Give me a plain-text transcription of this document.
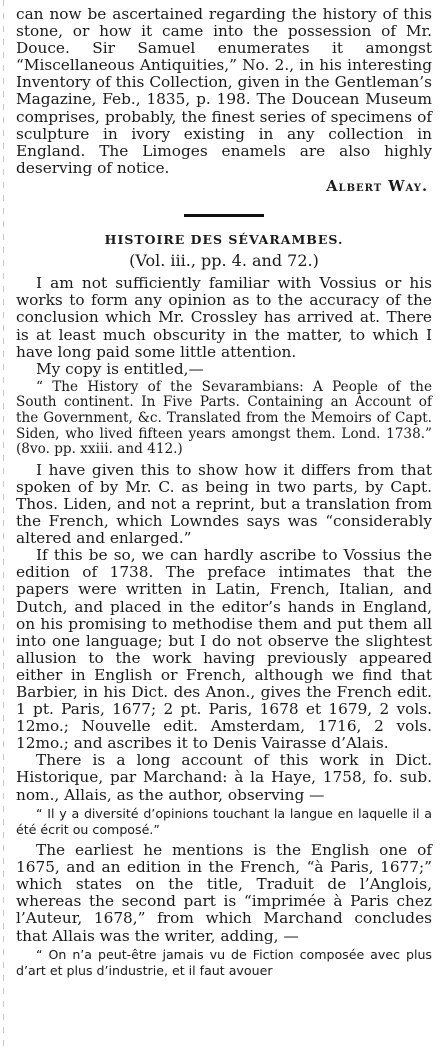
can now be ascertained regarding the history of this stone, or how it came into the possession of Mr. Douce. Sir Samuel enumerates it amongst “Miscellaneous Antiquities,” No. 2., in his interesting Inventory of this Collection, given in the Gentleman’s Magazine, Feb., 1835, p. 198. The Doucean Museum comprises, probably, the finest series of specimens of sculpture in ivory existing in any collection in England. The Limoges enamels are also highly deserving of notice.

Albert Way.

HISTOIRE DES SÉVARAMBES.

(Vol. iii., pp. 4. and 72.)

I am not sufficiently familiar with Vossius or his works to form any opinion as to the accuracy of the conclusion which Mr. Crossley has arrived at. There is at least much obscurity in the matter, to which I have long paid some little attention.

My copy is entitled,—

“ The History of the Sevarambians: A People of the South continent. In Five Parts. Containing an Account of the Government, &c. Translated from the Memoirs of Capt. Siden, who lived fifteen years amongst them. Lond. 1738.” (8vo. pp. xxiii. and 412.)

I have given this to show how it differs from that spoken of by Mr. C. as being in two parts, by Capt. Thos. Liden, and not a reprint, but a translation from the French, which Lowndes says was “considerably altered and enlarged.”

If this be so, we can hardly ascribe to Vossius the edition of 1738. The preface intimates that the papers were written in Latin, French, Italian, and Dutch, and placed in the editor’s hands in England, on his promising to methodise them and put them all into one language; but I do not observe the slightest allusion to the work having previously appeared either in English or French, although we find that Barbier, in his Dict. des Anon., gives the French edit. 1 pt. Paris, 1677; 2 pt. Paris, 1678 et 1679, 2 vols. 12mo.; Nouvelle edit. Amsterdam, 1716, 2 vols. 12mo.; and ascribes it to Denis Vairasse d’Alais.

There is a long account of this work in Dict. Historique, par Marchand: à la Haye, 1758, fo. sub. nom., Allais, as the author, observing —

“ Il y a diversité d’opinions touchant la langue en laquelle il a été écrit ou composé.”

The earliest he mentions is the English one of 1675, and an edition in the French, “à Paris, 1677;” which states on the title, Traduit de l’Anglois, whereas the second part is “imprimée à Paris chez l’Auteur, 1678,” from which Marchand concludes that Allais was the writer, adding, —

“ On n’a peut-être jamais vu de Fiction composée avec plus d’art et plus d’industrie, et il faut avouer
